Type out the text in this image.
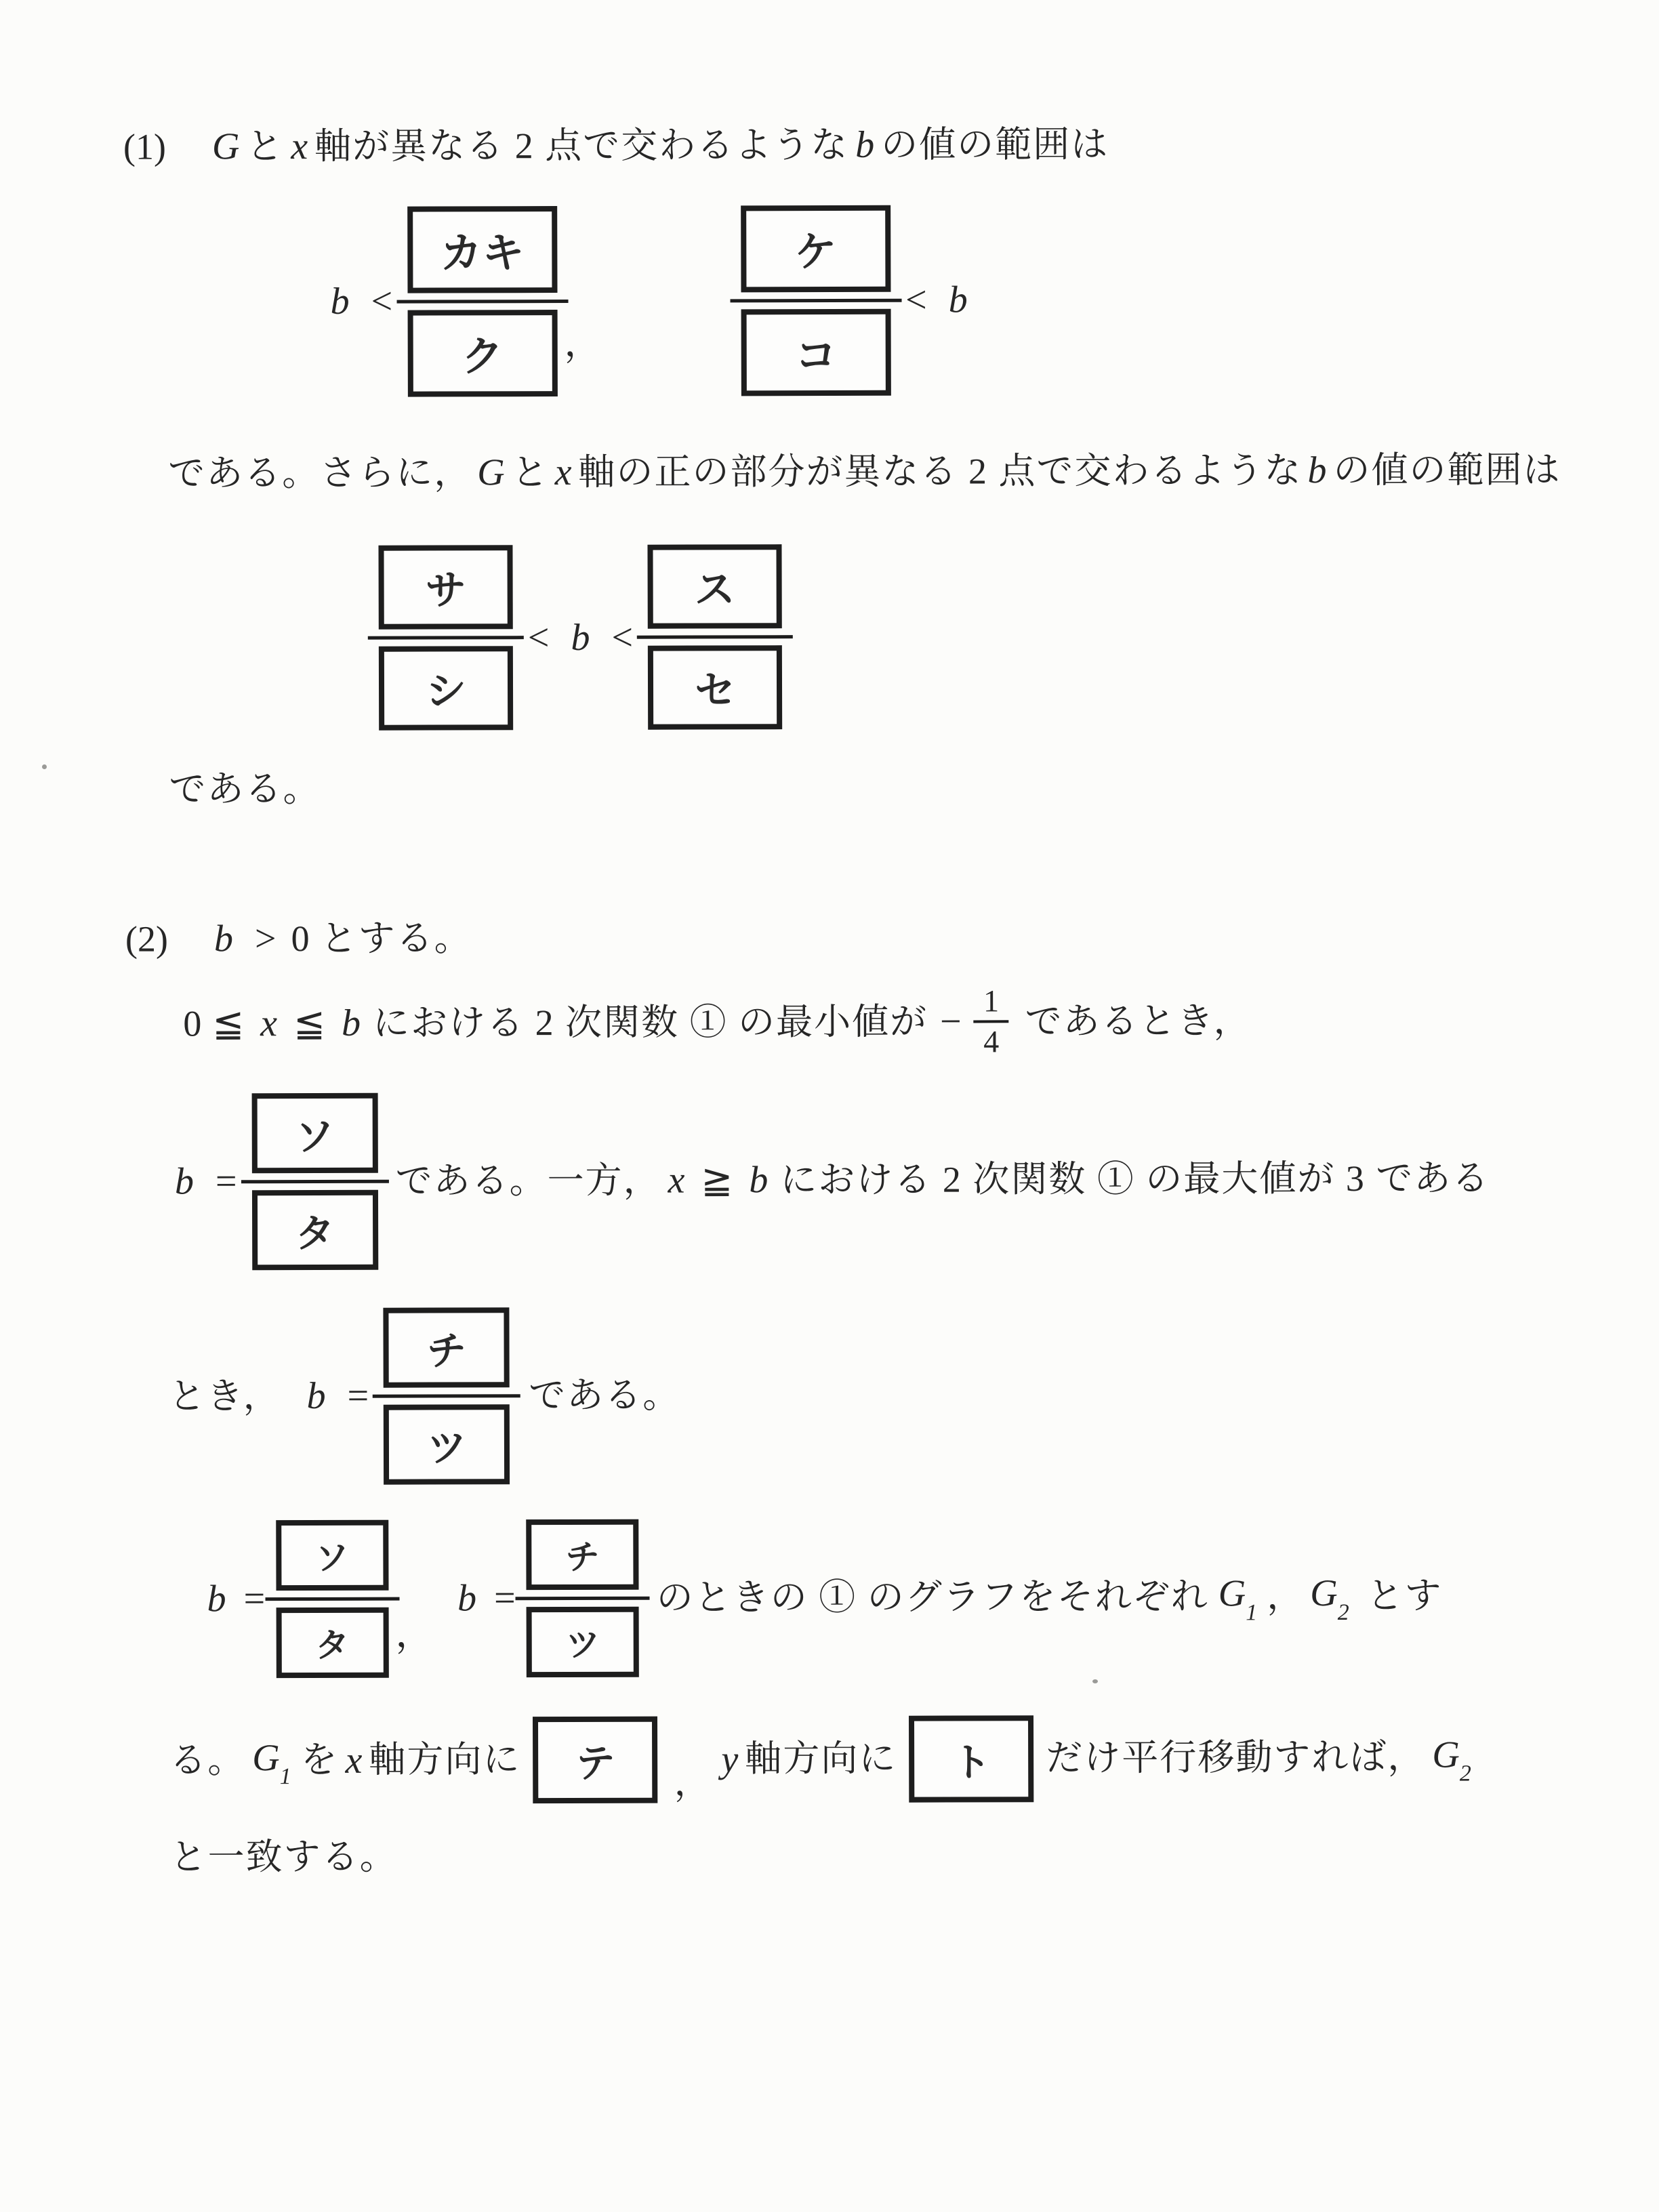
(1) G と x 軸が異なる 2 点で交わるような b の値の範囲は
$b < \frac{\text{カキ}}{\text{ク}}$ ，	$\frac{\text{ケ}}{\text{コ}} < b$

である。さらに， G と x 軸の正の部分が異なる 2 点で交わるような b の値の範囲は

$\frac{\text{サ}}{\text{シ}} < b < \frac{\text{ス}}{\text{セ}}$
である。
(2) b > 0 とする。
0 ≦ x ≦ b における 2 次関数 ① の最小値が − 1
4
であるとき，
$b = \frac{\text{ソ}}{\text{タ}}$ である。一方， x ≧ b における 2 次関数 ① の最大値が 3 である
とき， $b = \frac{\text{チ}}{\text{ツ}}$ である。
$b = \frac{\text{ソ}}{\text{タ}}$ ，
$b = \frac{\text{チ}}{\text{ツ}}$ のときの ① のグラフをそれぞれ $G_1$ ， $G_2$ とす
る。 $G_1$ を x 軸方向に テ ，
y 軸方向に ト だけ平行移動すれば， $G_2$
と一致する。
